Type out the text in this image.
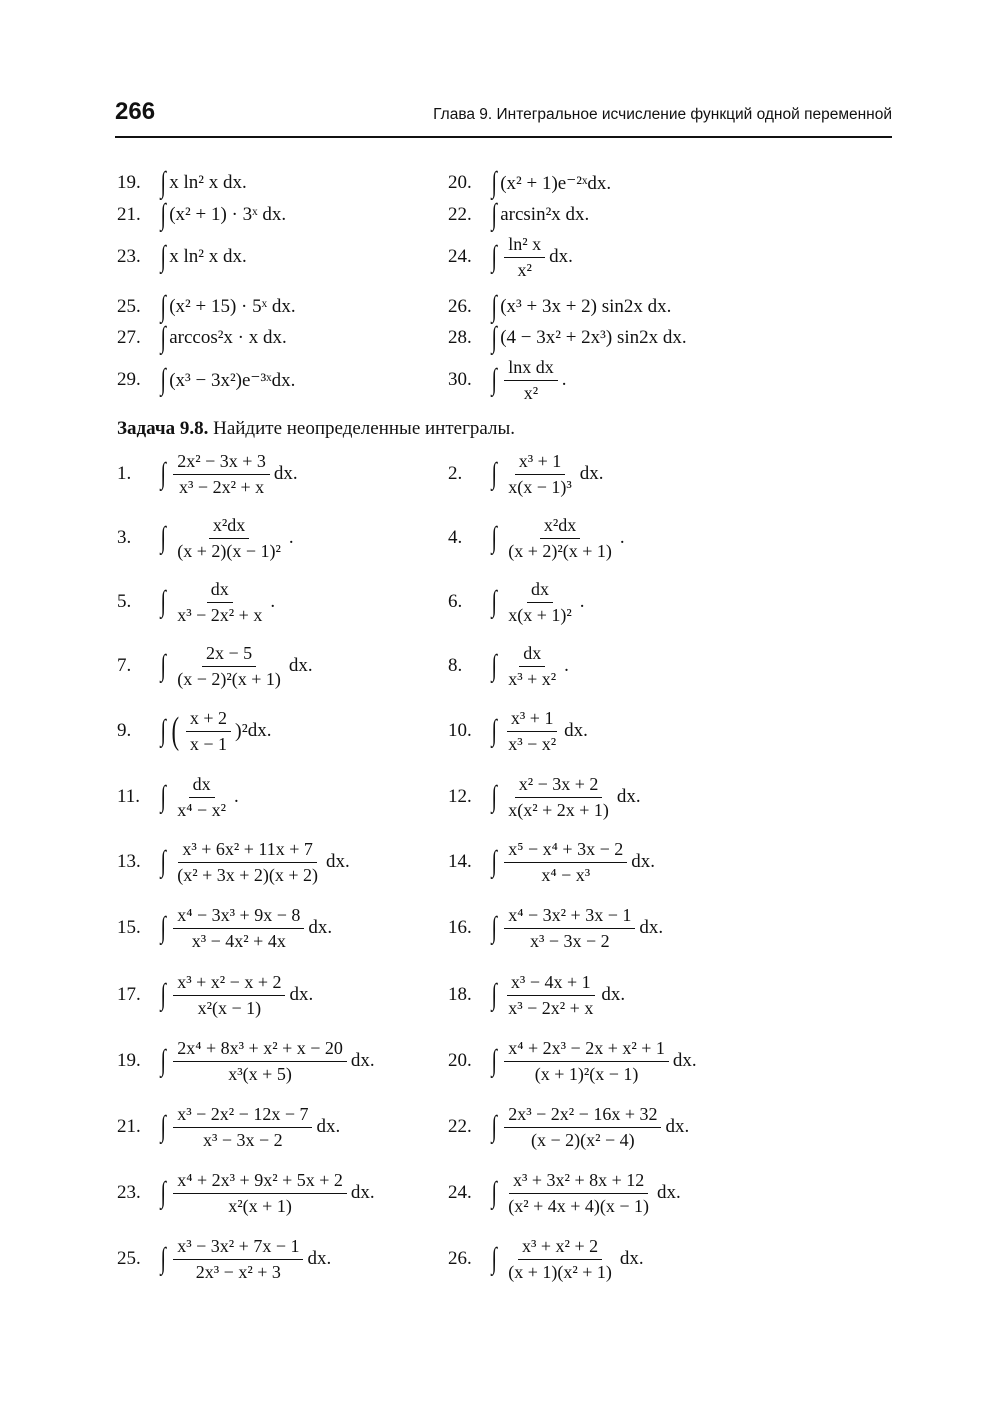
266	Глава 9. Интегральное исчисление функций одной переменной
19. ∫ x ln² x dx.	20. ∫ (x² + 1)e⁻²ˣdx.
21. ∫ (x² + 1) · 3ˣ dx.	22. ∫ arcsin²x dx.
23. ∫ x ln² x dx.	24. ∫ $\frac{\text{ln² x}}{\text{x²}}$ dx.
25. ∫ (x² + 15) · 5ˣ dx.	26. ∫ (x³ + 3x + 2) sin2x dx.
27. ∫ arccos²x · x dx.	28. ∫ (4 − 3x² + 2x³) sin2x dx.
29. ∫ (x³ − 3x²)e⁻³ˣdx.	30. ∫ $\frac{\text{lnx dx}}{\text{x²}}$ .
Задача 9.8. Найдите неопределенные интегралы.
1. ∫ $\frac{\text{2x² − 3x + 3}}{\text{x³ − 2x² + x}}$ dx.	2. ∫ $\frac{\text{x³ + 1}}{\text{x(x − 1)³}}$ dx.
3. ∫ $\frac{\text{x²dx}}{\text{(x + 2)(x − 1)²}}$ .	4. ∫ $\frac{\text{x²dx}}{\text{(x + 2)²(x + 1)}}$ .
5. ∫ $\frac{dx}{\text{x³ − 2x² + x}}$ .	6. ∫ $\frac{dx}{\text{x(x + 1)²}}$ .
7. ∫ $\frac{2x - 5}{\text{(x − 2)²(x + 1)}}$ dx.	8. ∫ $\frac{dx}{\text{x³ + x²}}$ .
9. ∫ ( $\frac{x + 2}{x - 1} )^2$ dx.	10. ∫ $\frac{\text{x³ + 1}}{\text{x³ − x²}}$ dx.
11. ∫ $\frac{dx}{\text{x⁴ − x²}}$ .	12. ∫ $\frac{\text{x² − 3x + 2}}{\text{x(x² + 2x + 1)}}$ dx.
13. ∫ $\frac{\text{x³ + 6x² + 11x + 7}}{\text{(x² + 3x + 2)(x + 2)}}$ dx.	14. ∫ $\frac{\text{x⁵ − x⁴ + 3x − 2}}{\text{x⁴ − x³}}$ dx.
15. ∫ $\frac{\text{x⁴ − 3x³ + 9x − 8}}{\text{x³ − 4x² + 4x}}$ dx.	16. ∫ $\frac{\text{x⁴ − 3x² + 3x − 1}}{\text{x³ − 3x − 2}}$ dx.
17. ∫ $\frac{\text{x³ + x² − x + 2}}{\text{x²(x − 1)}}$ dx.	18. ∫ $\frac{\text{x³ − 4x + 1}}{\text{x³ − 2x² + x}}$ dx.
19. ∫ $\frac{\text{2x⁴ + 8x³ + x² + x − 20}}{\text{x³(x + 5)}}$ dx.	20. ∫ $\frac{\text{x⁴ + 2x³ − 2x + x² + 1}}{\text{(x + 1)²(x − 1)}}$ dx.
21. ∫ $\frac{\text{x³ − 2x² − 12x − 7}}{\text{x³ − 3x − 2}}$ dx.	22. ∫ $\frac{\text{2x³ − 2x² − 16x + 32}}{\text{(x − 2)(x² − 4)}}$ dx.
23. ∫ $\frac{\text{x⁴ + 2x³ + 9x² + 5x + 2}}{\text{x²(x + 1)}}$ dx.	24. ∫ $\frac{\text{x³ + 3x² + 8x + 12}}{\text{(x² + 4x + 4)(x − 1)}}$ dx.
25. ∫ $\frac{\text{x³ − 3x² + 7x − 1}}{\text{2x³ − x² + 3}}$ dx.	26. ∫ $\frac{\text{x³ + x² + 2}}{\text{(x + 1)(x² + 1)}}$ dx.
